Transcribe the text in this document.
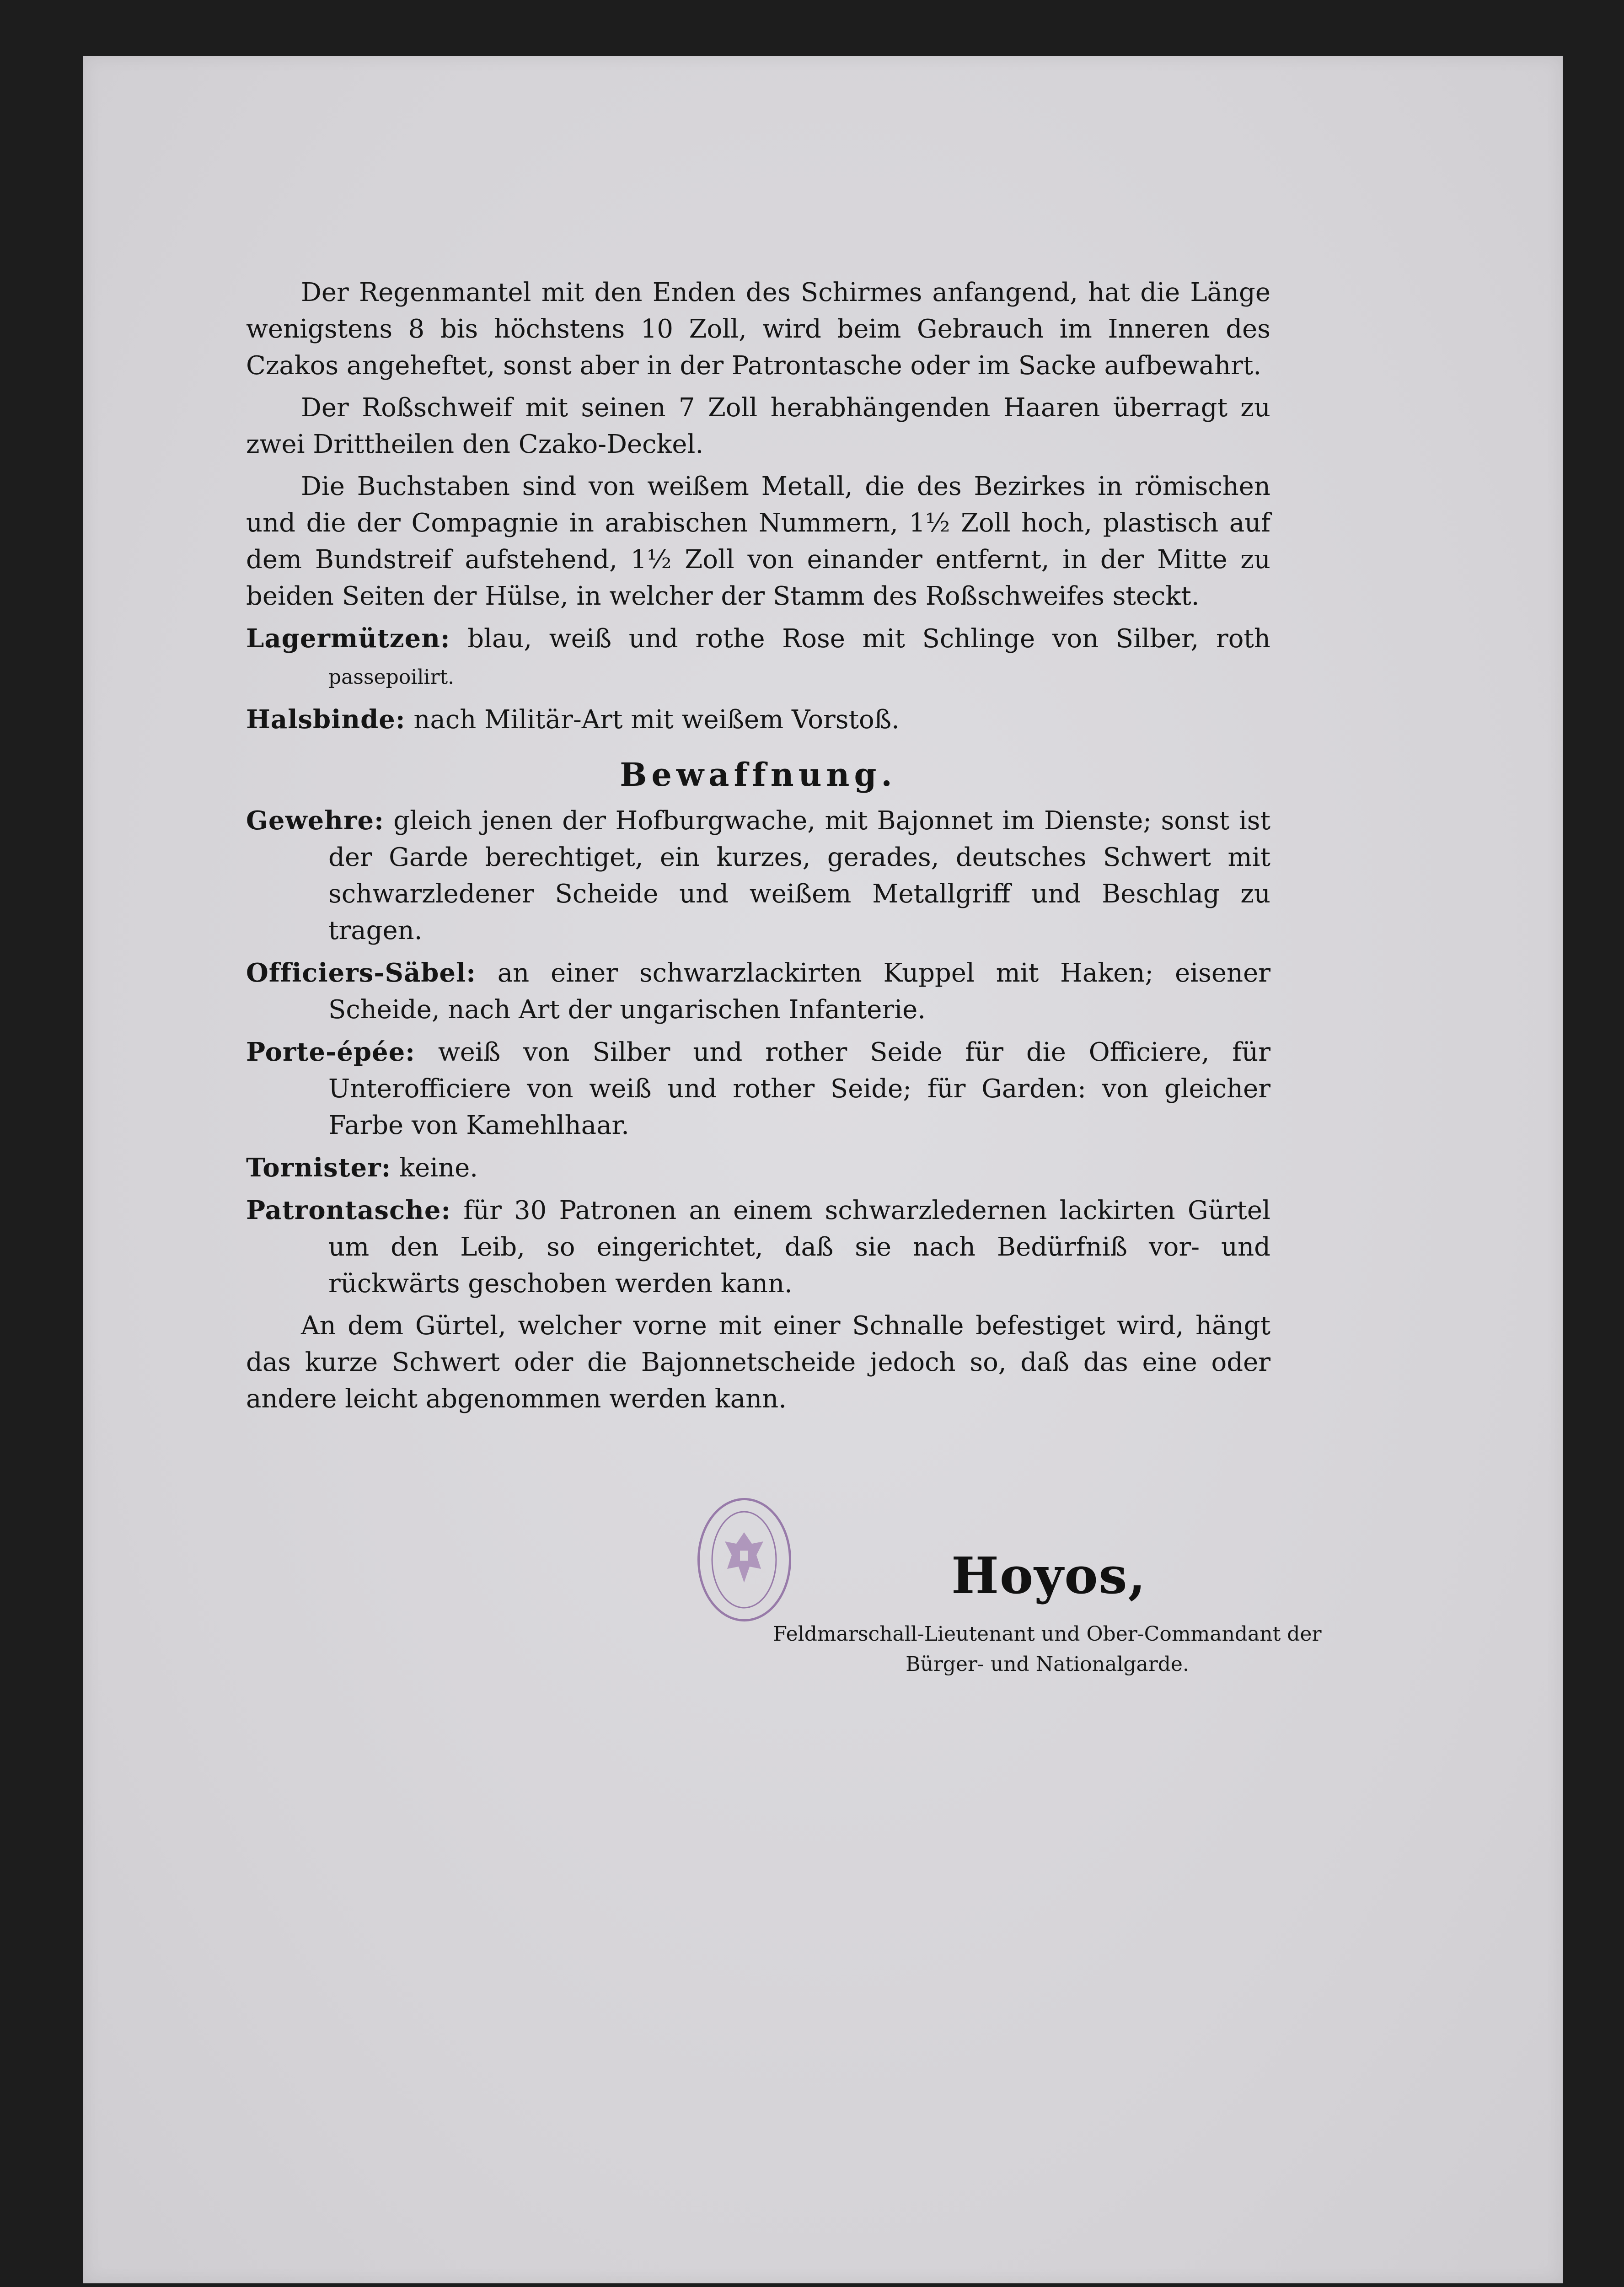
Der Regenmantel mit den Enden des Schirmes anfangend, hat die Länge wenigstens 8 bis höchstens 10 Zoll, wird beim Gebrauch im Inneren des Czakos angeheftet, sonst aber in der Patrontasche oder im Sacke aufbewahrt.

Der Roßschweif mit seinen 7 Zoll herabhängenden Haaren überragt zu zwei Drittheilen den Czako-Deckel.

Die Buchstaben sind von weißem Metall, die des Bezirkes in römischen und die der Compagnie in arabischen Nummern, 1½ Zoll hoch, plastisch auf dem Bundstreif aufstehend, 1½ Zoll von einander entfernt, in der Mitte zu beiden Seiten der Hülse, in welcher der Stamm des Roßschweifes steckt.

Lagermützen: blau, weiß und rothe Rose mit Schlinge von Silber, roth passepoilirt.

Halsbinde: nach Militär-Art mit weißem Vorstoß.

Bewaffnung.

Gewehre: gleich jenen der Hofburgwache, mit Bajonnet im Dienste; sonst ist der Garde berechtiget, ein kurzes, gerades, deutsches Schwert mit schwarzledener Scheide und weißem Metallgriff und Beschlag zu tragen.

Officiers-Säbel: an einer schwarzlackirten Kuppel mit Haken; eisener Scheide, nach Art der ungarischen Infanterie.

Porte-épée: weiß von Silber und rother Seide für die Officiere, für Unterofficiere von weiß und rother Seide; für Garden: von gleicher Farbe von Kamehlhaar.

Tornister: keine.

Patrontasche: für 30 Patronen an einem schwarzledernen lackirten Gürtel um den Leib, so eingerichtet, daß sie nach Bedürfniß vor- und rückwärts geschoben werden kann.

An dem Gürtel, welcher vorne mit einer Schnalle befestiget wird, hängt das kurze Schwert oder die Bajonnetscheide jedoch so, daß das eine oder andere leicht abgenommen werden kann.

Hoyos,
Feldmarschall-Lieutenant und Ober-Commandant der
Bürger- und Nationalgarde.
